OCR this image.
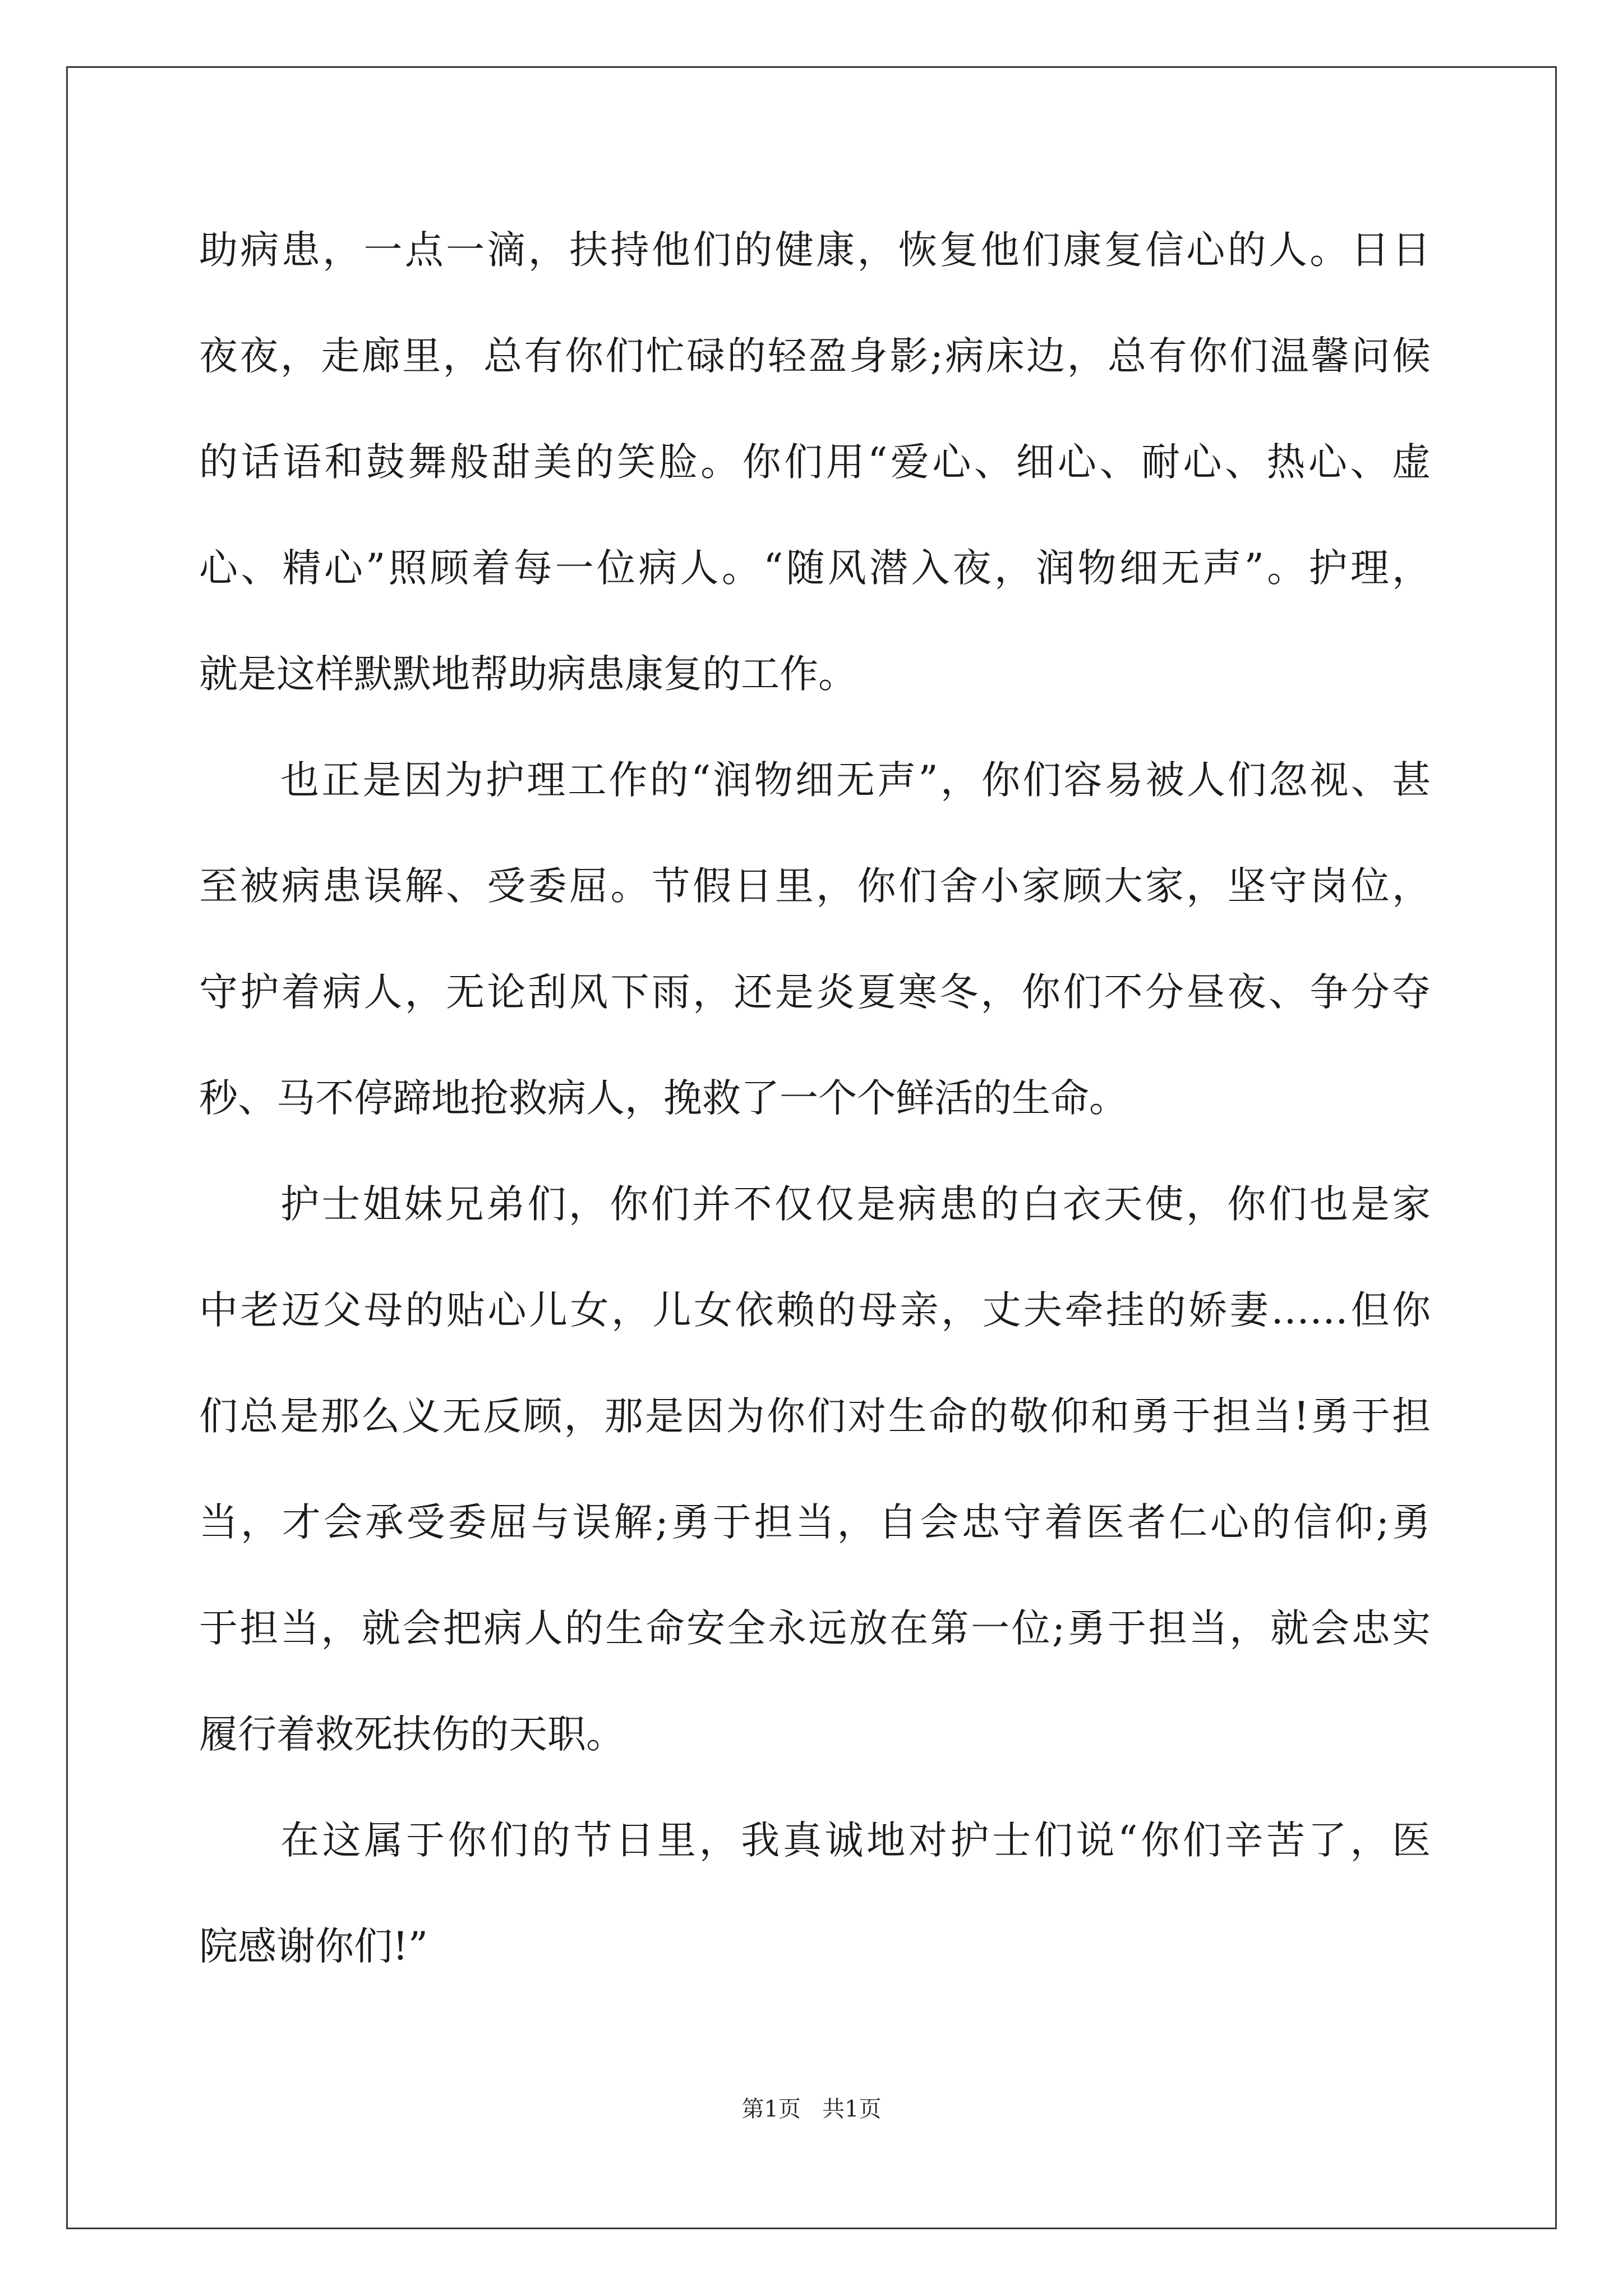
助病患，一点一滴，扶持他们的健康，恢复他们康复信心的人。日日
夜夜，走廊里，总有你们忙碌的轻盈身影;病床边，总有你们温馨问候
的话语和鼓舞般甜美的笑脸。你们用“爱心、细心、耐心、热心、虚
心、精心”照顾着每一位病人。“随风潜入夜，润物细无声”。护理，
就是这样默默地帮助病患康复的工作。
也正是因为护理工作的“润物细无声”，你们容易被人们忽视、甚
至被病患误解、受委屈。节假日里，你们舍小家顾大家，坚守岗位，
守护着病人，无论刮风下雨，还是炎夏寒冬，你们不分昼夜、争分夺
秒、马不停蹄地抢救病人，挽救了一个个鲜活的生命。
护士姐妹兄弟们，你们并不仅仅是病患的白衣天使，你们也是家
中老迈父母的贴心儿女，儿女依赖的母亲，丈夫牵挂的娇妻……但你
们总是那么义无反顾，那是因为你们对生命的敬仰和勇于担当!勇于担
当，才会承受委屈与误解;勇于担当，自会忠守着医者仁心的信仰;勇
于担当，就会把病人的生命安全永远放在第一位;勇于担当，就会忠实
履行着救死扶伤的天职。
在这属于你们的节日里，我真诚地对护士们说“你们辛苦了，医
院感谢你们!”
第1页   共1页
